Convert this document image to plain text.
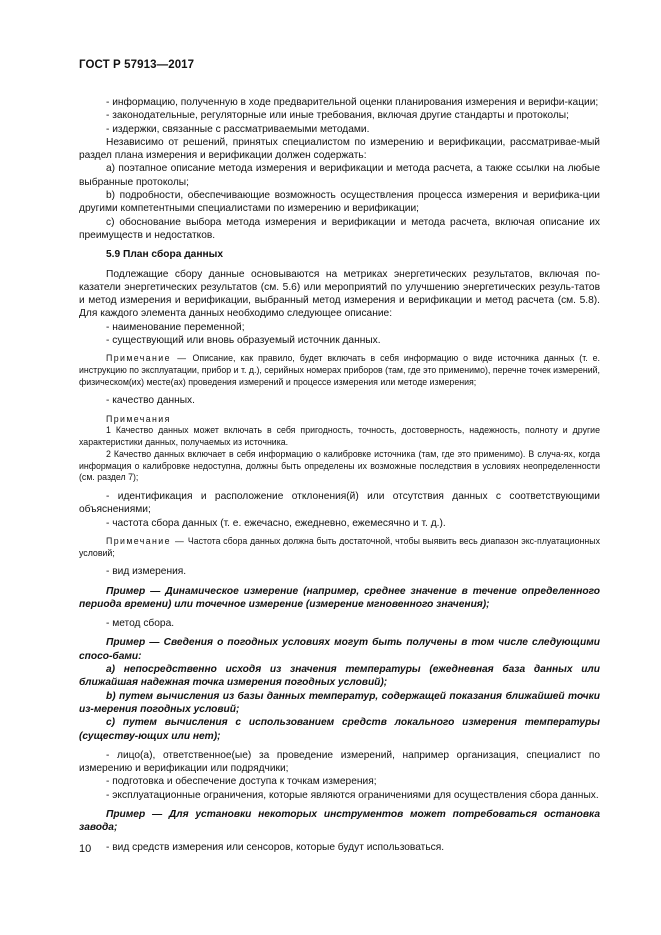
ГОСТ Р 57913—2017

- информацию, полученную в ходе предварительной оценки планирования измерения и верифи-кации;

- законодательные, регуляторные или иные требования, включая другие стандарты и протоколы;

- издержки, связанные с рассматриваемыми методами.

Независимо от решений, принятых специалистом по измерению и верификации, рассматривае-мый раздел плана измерения и верификации должен содержать:

a) поэтапное описание метода измерения и верификации и метода расчета, а также ссылки на любые выбранные протоколы;

b) подробности, обеспечивающие возможность осуществления процесса измерения и верифика-ции другими компетентными специалистами по измерению и верификации;

c) обоснование выбора метода измерения и верификации и метода расчета, включая описание их преимуществ и недостатков.

5.9 План сбора данных

Подлежащие сбору данные основываются на метриках энергетических результатов, включая по-казатели энергетических результатов (см. 5.6) или мероприятий по улучшению энергетических резуль-татов и метод измерения и верификации, выбранный метод измерения и верификации и метод расчета (см. 5.8). Для каждого элемента данных необходимо следующее описание:

- наименование переменной;

- существующий или вновь образуемый источник данных.

Примечание — Описание, как правило, будет включать в себя информацию о виде источника данных (т. е. инструкцию по эксплуатации, прибор и т. д.), серийных номерах приборов (там, где это применимо), перечне точек измерений, физическом(их) месте(ах) проведения измерений и процессе измерения или методе измерения;

- качество данных.

Примечания

1 Качество данных может включать в себя пригодность, точность, достоверность, надежность, полноту и другие характеристики данных, получаемых из источника.

2 Качество данных включает в себя информацию о калибровке источника (там, где это применимо). В случа-ях, когда информация о калибровке недоступна, должны быть определены их возможные последствия в условиях неопределенности (см. раздел 7);

- идентификация и расположение отклонения(й) или отсутствия данных с соответствующими объяснениями;

- частота сбора данных (т. е. ежечасно, ежедневно, ежемесячно и т. д.).

Примечание — Частота сбора данных должна быть достаточной, чтобы выявить весь диапазон экс-плуатационных условий;

- вид измерения.

Пример — Динамическое измерение (например, среднее значение в течение определенного периода времени) или точечное измерение (измерение мгновенного значения);

- метод сбора.

Пример — Сведения о погодных условиях могут быть получены в том числе следующими спосо-бами:

a) непосредственно исходя из значения температуры (ежедневная база данных или ближайшая надежная точка измерения погодных условий);

b) путем вычисления из базы данных температур, содержащей показания ближайшей точки из-мерения погодных условий;

c) путем вычисления с использованием средств локального измерения температуры (существу-ющих или нет);

- лицо(а), ответственное(ые) за проведение измерений, например организация, специалист по измерению и верификации или подрядчики;

- подготовка и обеспечение доступа к точкам измерения;

- эксплуатационные ограничения, которые являются ограничениями для осуществления сбора данных.

Пример — Для установки некоторых инструментов может потребоваться остановка завода;

- вид средств измерения или сенсоров, которые будут использоваться.

10
